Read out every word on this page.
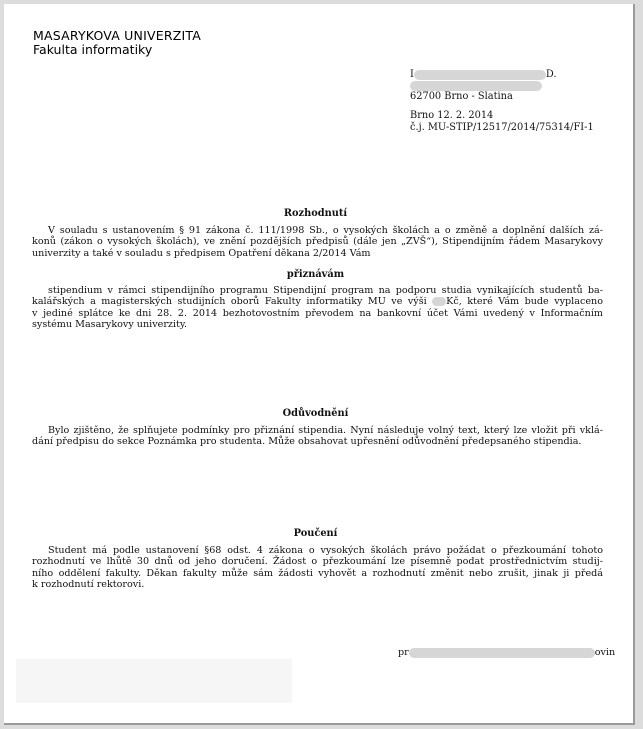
MASARYKOVA UNIVERZITA
Fakulta informatiky
I	D.
62700 Brno - Slatina
Brno 12. 2. 2014
č.j. MU-STIP/12517/2014/75314/FI-1
Rozhodnutí
V souladu s ustanovením § 91 zákona č. 111/1998 Sb., o vysokých školách a o změně a doplnění dalších zá-
konů (zákon o vysokých školách), ve znění pozdějších předpisů (dále jen „ZVŠ“), Stipendijním řádem Masarykovy
univerzity a také v souladu s předpisem Opatření děkana 2/2014 Vám
přiznávám
stipendium v rámci stipendijního programu Stipendijní program na podporu studia vynikajících studentů ba-
kalářských a magisterských studijních oborů Fakulty informatiky MU ve výši Kč, které Vám bude vyplaceno
v jediné splátce ke dni 28. 2. 2014 bezhotovostním převodem na bankovní účet Vámi uvedený v Informačním
systému Masarykovy univerzity.
Odůvodnění
Bylo zjištěno, že splňujete podmínky pro přiznání stipendia. Nyní následuje volný text, který lze vložit při vklá-
dání předpisu do sekce Poznámka pro studenta. Může obsahovat upřesnění odůvodnění předepsaného stipendia.
Poučení
Student má podle ustanovení §68 odst. 4 zákona o vysokých školách právo požádat o přezkoumání tohoto
rozhodnutí ve lhůtě 30 dnů od jeho doručení. Žádost o přezkoumání lze písemně podat prostřednictvím studij-
ního oddělení fakulty. Děkan fakulty může sám žádosti vyhovět a rozhodnutí změnit nebo zrušit, jinak ji předá
k rozhodnutí rektorovi.
pr	ovin
